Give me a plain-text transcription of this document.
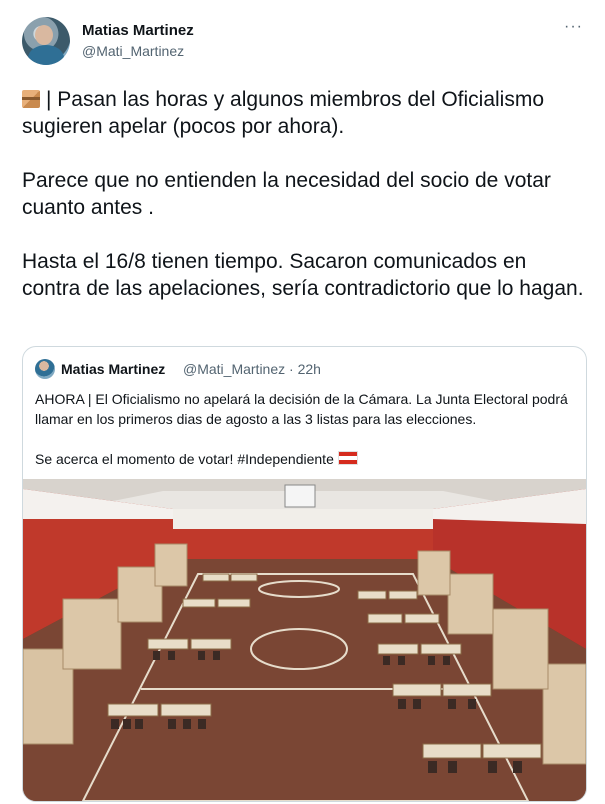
Matias Martinez
@Mati_Martinez
···

| Pasan las horas y algunos miembros del Oficialismo sugieren apelar (pocos por ahora).

Parece que no entienden la necesidad del socio de votar cuanto antes .

Hasta el 16/8 tienen tiempo. Sacaron comunicados en contra de las apelaciones, sería contradictorio que lo hagan.

Matias Martinez @Mati_Martinez · 22h

AHORA | El Oficialismo no apelará la decisión de la Cámara. La Junta Electoral podrá llamar en los primeros dias de agosto a las 3 listas para las elecciones.

Se acerca el momento de votar! #Independiente
